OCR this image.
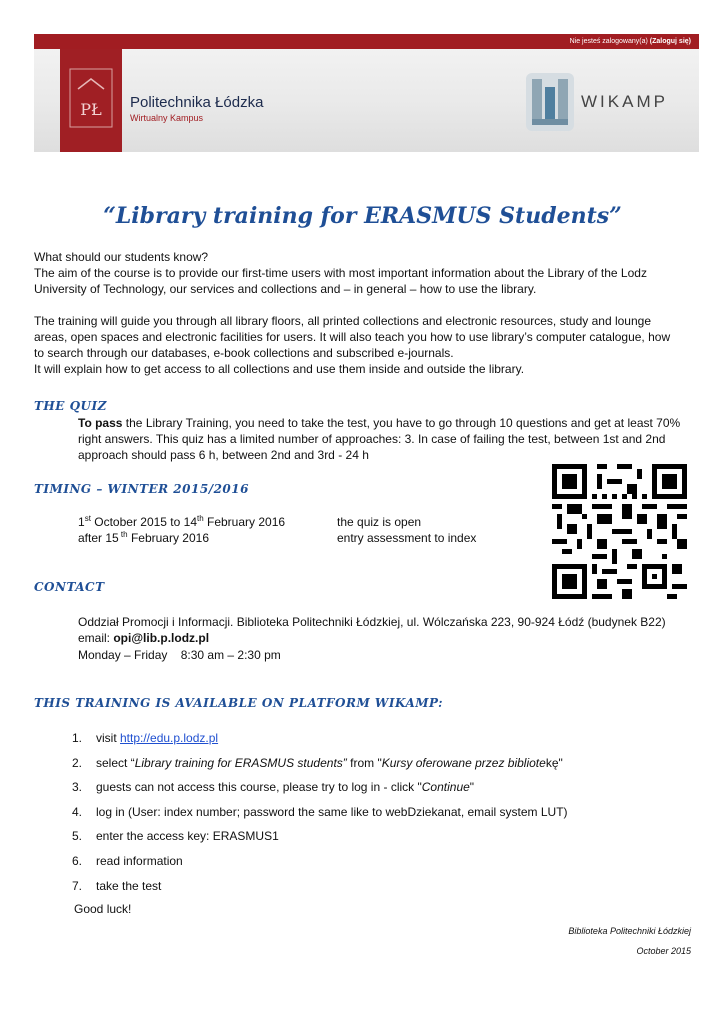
Nie jesteś zalogowany(a) (Zaloguj się)
PŁ Politechnika Łódzka
Wirtualny Kampus
WIKAMP
“Library training for ERASMUS Students”
What should our students know?
The aim of the course is to provide our first-time users with most important information about the Library of the Lodz
University of Technology, our services and collections and – in general – how to use the library.
The training will guide you through all library floors, all printed collections and electronic resources, study and lounge
areas, open spaces and electronic facilities for users. It will also teach you how to use library’s computer catalogue, how
to search through our databases, e-book collections and subscribed e-journals.
It will explain how to get access to all collections and use them inside and outside the library.
THE QUIZ
To pass the Library Training, you need to take the test, you have to go through 10 questions and get at least 70%
right answers. This quiz has a limited number of approaches: 3. In case of failing the test, between 1st and 2nd
approach should pass 6 h, between 2nd and 3rd - 24 h
TIMING – WINTER 2015/2016
1st October 2015 to 14th February 2016	the quiz is open
after 15 $^{th}$ February 2016	entry assessment to index
CONTACT
Oddział Promocji i Informacji. Biblioteka Politechniki Łódzkiej, ul. Wólczańska 223, 90-924 Łódź (budynek B22)
email: opi@lib.p.lodz.pl
Monday – Friday    8:30 am – 2:30 pm
THIS TRAINING IS AVAILABLE ON PLATFORM WIKAMP:
1. visit http://edu.p.lodz.pl
2. select “Library training for ERASMUS students” from "Kursy oferowane przez bibliotekę"
3. guests can not access this course, please try to log in - click "Continue"
4. log in (User: index number; password the same like to webDziekanat, email system LUT)
5. enter the access key: ERASMUS1
6. read information
7. take the test
Good luck!
Biblioteka Politechniki Łódzkiej
October 2015
